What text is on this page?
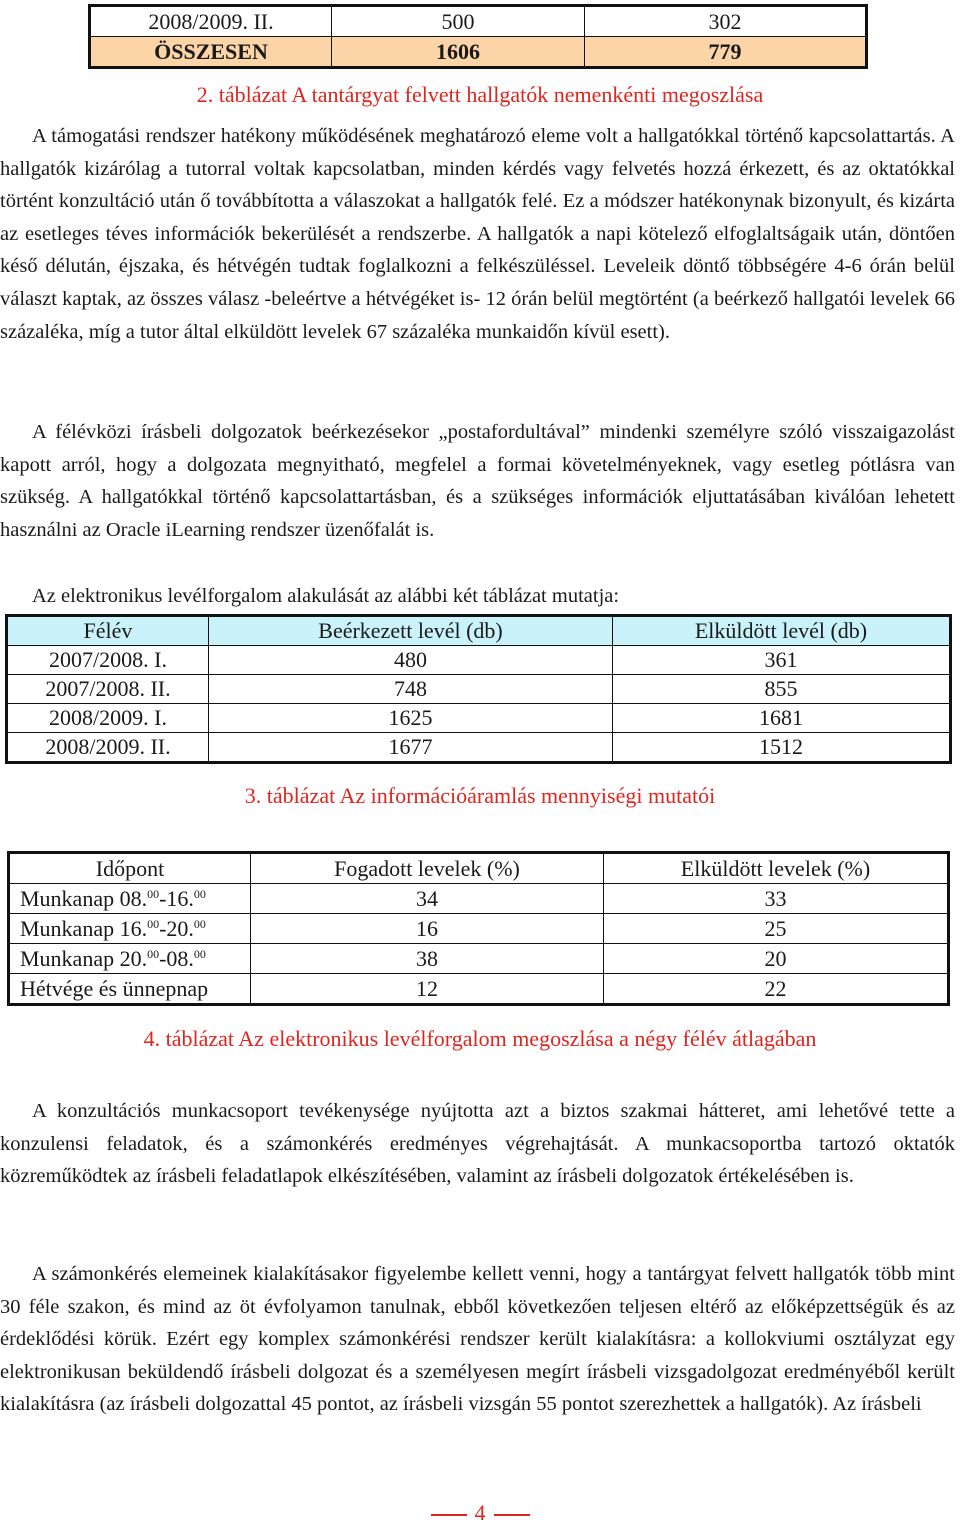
2008/2009. II.	500	302
ÖSSZESEN	1606	779
2. táblázat A tantárgyat felvett hallgatók nemenkénti megoszlása

A támogatási rendszer hatékony működésének meghatározó eleme volt a hallgatókkal történő kapcsolattartás. A hallgatók kizárólag a tutorral voltak kapcsolatban, minden kérdés vagy felvetés hozzá érkezett, és az oktatókkal történt konzultáció után ő továbbította a válaszokat a hallgatók felé. Ez a módszer hatékonynak bizonyult, és kizárta az esetleges téves információk bekerülését a rendszerbe. A hallgatók a napi kötelező elfoglaltságaik után, döntően késő délután, éjszaka, és hétvégén tudtak foglalkozni a felkészüléssel. Leveleik döntő többségére 4-6 órán belül választ kaptak, az összes válasz -beleértve a hétvégéket is- 12 órán belül megtörtént (a beérkező hallgatói levelek 66 százaléka, míg a tutor által elküldött levelek 67 százaléka munkaidőn kívül esett).

A félévközi írásbeli dolgozatok beérkezésekor „postafordultával” mindenki személyre szóló visszaigazolást kapott arról, hogy a dolgozata megnyitható, megfelel a formai követelményeknek, vagy esetleg pótlásra van szükség. A hallgatókkal történő kapcsolattartásban, és a szükséges információk eljuttatásában kiválóan lehetett használni az Oracle iLearning rendszer üzenőfalát is.

Az elektronikus levélforgalom alakulását az alábbi két táblázat mutatja:

Félév	Beérkezett levél (db)	Elküldött levél (db)
2007/2008. I.	480	361
2007/2008. II.	748	855
2008/2009. I.	1625	1681
2008/2009. II.	1677	1512
3. táblázat Az információáramlás mennyiségi mutatói
Időpont	Fogadott levelek (%)	Elküldött levelek (%)
Munkanap 08.00-16.00	34	33
Munkanap 16.00-20.00	16	25
Munkanap 20.00-08.00	38	20
Hétvége és ünnepnap	12	22
4. táblázat Az elektronikus levélforgalom megoszlása a négy félév átlagában

A konzultációs munkacsoport tevékenysége nyújtotta azt a biztos szakmai hátteret, ami lehetővé tette a konzulensi feladatok, és a számonkérés eredményes végrehajtását. A munkacsoportba tartozó oktatók közreműködtek az írásbeli feladatlapok elkészítésében, valamint az írásbeli dolgozatok értékelésében is.

A számonkérés elemeinek kialakításakor figyelembe kellett venni, hogy a tantárgyat felvett hallgatók több mint 30 féle szakon, és mind az öt évfolyamon tanulnak, ebből következően teljesen eltérő az előképzettségük és az érdeklődési körük. Ezért egy komplex számonkérési rendszer került kialakításra: a kollokviumi osztályzat egy elektronikusan beküldendő írásbeli dolgozat és a személyesen megírt írásbeli vizsgadolgozat eredményéből került kialakításra (az írásbeli dolgozattal 45 pontot, az írásbeli vizsgán 55 pontot szerezhettek a hallgatók). Az írásbeli

4
